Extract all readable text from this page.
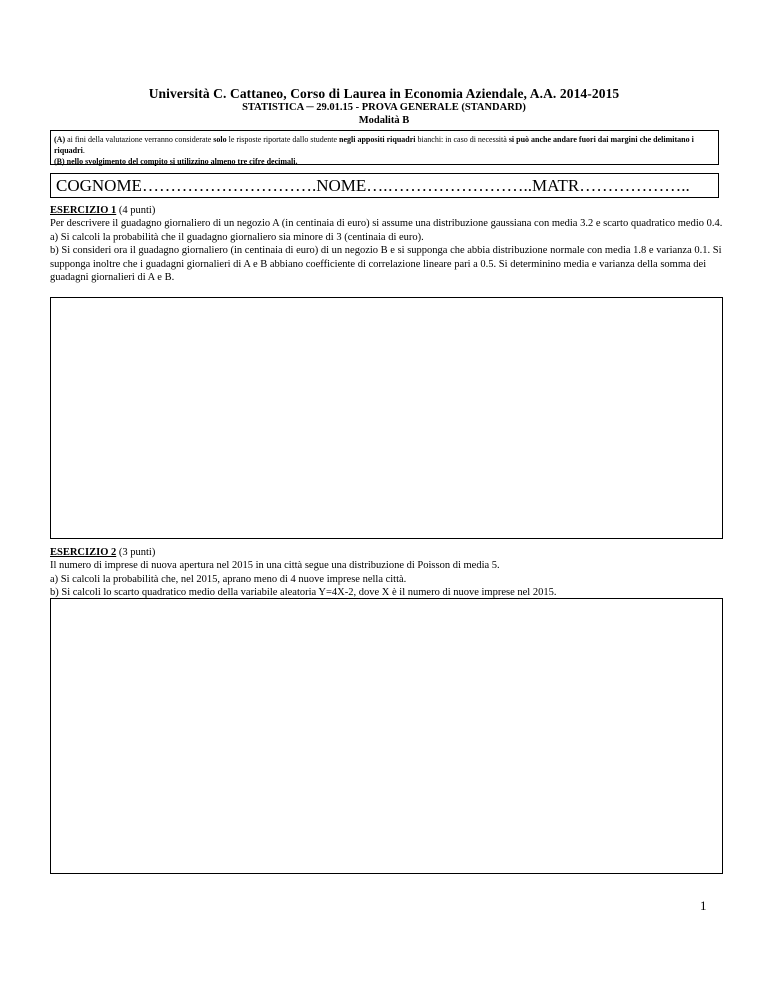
Università C. Cattaneo, Corso di Laurea in Economia Aziendale, A.A. 2014-2015
STATISTICA ─ 29.01.15 - PROVA GENERALE (STANDARD)
Modalità B
(A) ai fini della valutazione verranno considerate solo le risposte riportate dallo studente negli appositi riquadri bianchi: in caso di necessità si può anche andare fuori dai margini che delimitano i riquadri.
(B) nello svolgimento del compito si utilizzino almeno tre cifre decimali.
COGNOME………………………….NOME….……………………..MATR………………..
ESERCIZIO 1 (4 punti)
Per descrivere il guadagno giornaliero di un negozio A (in centinaia di euro) si assume una distribuzione gaussiana con media 3.2 e scarto quadratico medio 0.4.
a) Si calcoli la probabilità che il guadagno giornaliero sia minore di 3 (centinaia di euro).
b) Si consideri ora il guadagno giornaliero (in centinaia di euro) di un negozio B e si supponga che abbia distribuzione normale con media 1.8 e varianza 0.1. Si supponga inoltre che i guadagni giornalieri di A e B abbiano coefficiente di correlazione lineare pari a 0.5. Si determinino media e varianza della somma dei guadagni giornalieri di A e B.
ESERCIZIO 2 (3 punti)
Il numero di imprese di nuova apertura nel 2015 in una città segue una distribuzione di Poisson di media 5.
a) Si calcoli la probabilità che, nel 2015, aprano meno di 4 nuove imprese nella città.
b) Si calcoli lo scarto quadratico medio della variabile aleatoria Y=4X-2, dove X è il numero di nuove imprese nel 2015.
1
